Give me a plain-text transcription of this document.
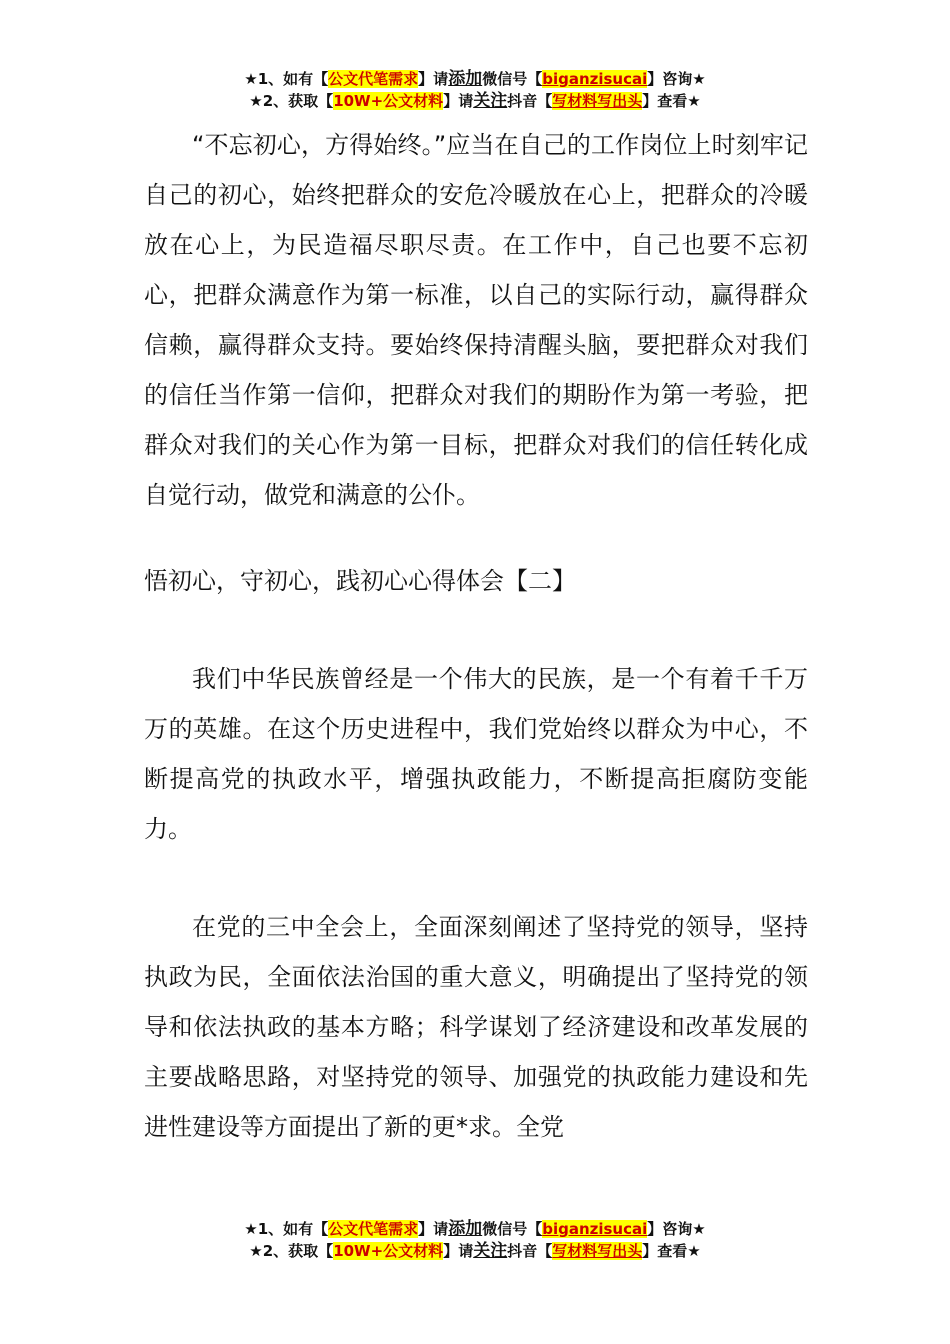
★1、如有【公文代笔需求】请添加微信号【biganzisucai】咨询★
★2、获取【10W+公文材料】请关注抖音【写材料写出头】查看★

“不忘初心，方得始终。”应当在自己的工作岗位上时刻牢记自己的初心，始终把群众的安危冷暖放在心上，把群众的冷暖放在心上，为民造福尽职尽责。在工作中，自己也要不忘初心，把群众满意作为第一标准，以自己的实际行动，赢得群众信赖，赢得群众支持。要始终保持清醒头脑，要把群众对我们的信任当作第一信仰，把群众对我们的期盼作为第一考验，把群众对我们的关心作为第一目标，把群众对我们的信任转化成自觉行动，做党和满意的公仆。

悟初心，守初心，践初心心得体会【二】

我们中华民族曾经是一个伟大的民族，是一个有着千千万万的英雄。在这个历史进程中，我们党始终以群众为中心，不断提高党的执政水平，增强执政能力，不断提高拒腐防变能力。

在党的三中全会上，全面深刻阐述了坚持党的领导，坚持执政为民，全面依法治国的重大意义，明确提出了坚持党的领导和依法执政的基本方略；科学谋划了经济建设和改革发展的主要战略思路，对坚持党的领导、加强党的执政能力建设和先进性建设等方面提出了新的更*求。全党

★1、如有【公文代笔需求】请添加微信号【biganzisucai】咨询★
★2、获取【10W+公文材料】请关注抖音【写材料写出头】查看★
